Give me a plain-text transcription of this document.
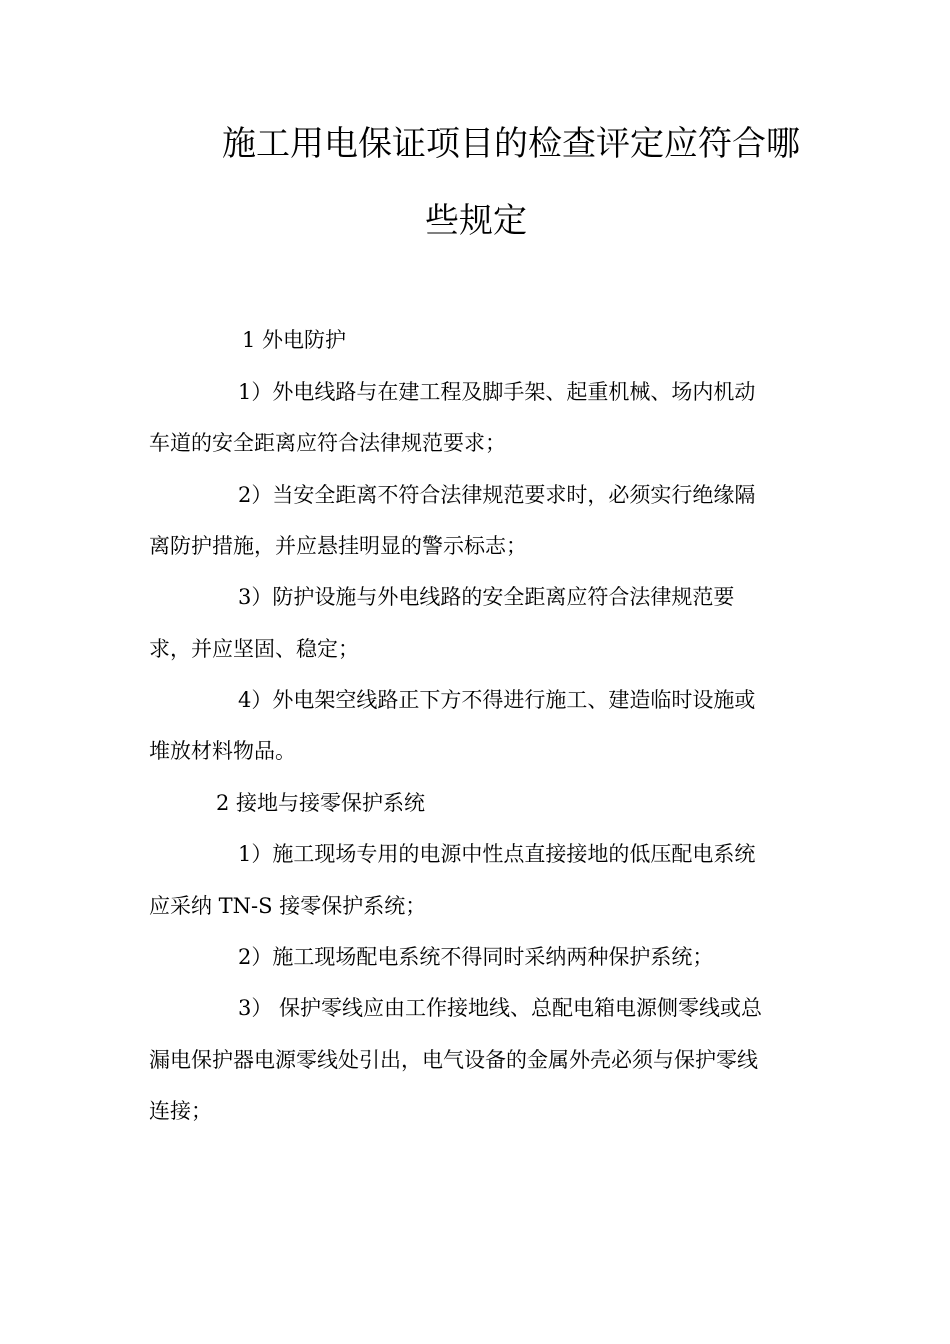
施工用电保证项目的检查评定应符合哪
些规定

1 外电防护

1）外电线路与在建工程及脚手架、起重机械、场内机动

车道的安全距离应符合法律规范要求；

2）当安全距离不符合法律规范要求时，必须实行绝缘隔

离防护措施，并应悬挂明显的警示标志；

3）防护设施与外电线路的安全距离应符合法律规范要

求，并应坚固、稳定；

4）外电架空线路正下方不得进行施工、建造临时设施或

堆放材料物品。

2 接地与接零保护系统

1）施工现场专用的电源中性点直接接地的低压配电系统

应采纳 TN-S 接零保护系统；

2）施工现场配电系统不得同时采纳两种保护系统；

3） 保护零线应由工作接地线、总配电箱电源侧零线或总

漏电保护器电源零线处引出，电气设备的金属外壳必须与保护零线

连接；
